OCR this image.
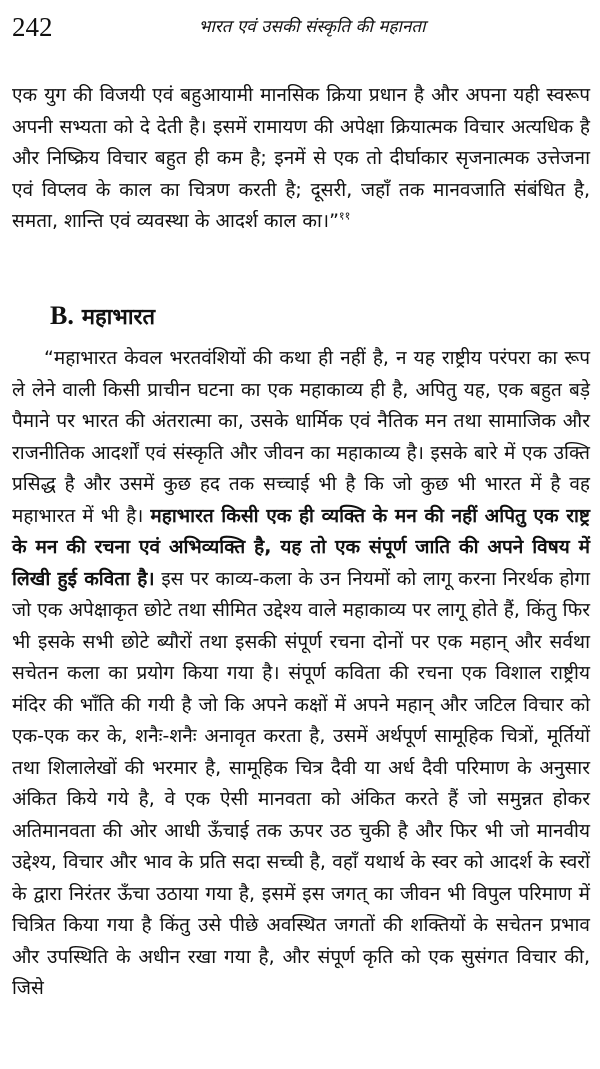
242	भारत एवं उसकी संस्कृति की महानता

एक युग की विजयी एवं बहुआयामी मानसिक क्रिया प्रधान है और अपना यही स्वरूप अपनी सभ्यता को दे देती है। इसमें रामायण की अपेक्षा क्रियात्मक विचार अत्यधिक है और निष्क्रिय विचार बहुत ही कम है; इनमें से एक तो दीर्घाकार सृजनात्मक उत्तेजना एवं विप्लव के काल का चित्रण करती है; दूसरी, जहाँ तक मानवजाति संबंधित है, समता, शान्ति एवं व्यवस्था के आदर्श काल का।”$^{११}$

B. महाभारत

“महाभारत केवल भरतवंशियों की कथा ही नहीं है, न यह राष्ट्रीय परंपरा का रूप ले लेने वाली किसी प्राचीन घटना का एक महाकाव्य ही है, अपितु यह, एक बहुत बड़े पैमाने पर भारत की अंतरात्मा का, उसके धार्मिक एवं नैतिक मन तथा सामाजिक और राजनीतिक आदर्शों एवं संस्कृति और जीवन का महाकाव्य है। इसके बारे में एक उक्ति प्रसिद्ध है और उसमें कुछ हद तक सच्चाई भी है कि जो कुछ भी भारत में है वह महाभारत में भी है। महाभारत किसी एक ही व्यक्ति के मन की नहीं अपितु एक राष्ट्र के मन की रचना एवं अभिव्यक्ति है, यह तो एक संपूर्ण जाति की अपने विषय में लिखी हुई कविता है। इस पर काव्य-कला के उन नियमों को लागू करना निरर्थक होगा जो एक अपेक्षाकृत छोटे तथा सीमित उद्देश्य वाले महाकाव्य पर लागू होते हैं, किंतु फिर भी इसके सभी छोटे ब्यौरों तथा इसकी संपूर्ण रचना दोनों पर एक महान् और सर्वथा सचेतन कला का प्रयोग किया गया है। संपूर्ण कविता की रचना एक विशाल राष्ट्रीय मंदिर की भाँति की गयी है जो कि अपने कक्षों में अपने महान् और जटिल विचार को एक-एक कर के, शनैः-शनैः अनावृत करता है, उसमें अर्थपूर्ण सामूहिक चित्रों, मूर्तियों तथा शिलालेखों की भरमार है, सामूहिक चित्र दैवी या अर्ध दैवी परिमाण के अनुसार अंकित किये गये है, वे एक ऐसी मानवता को अंकित करते हैं जो समुन्नत होकर अतिमानवता की ओर आधी ऊँचाई तक ऊपर उठ चुकी है और फिर भी जो मानवीय उद्देश्य, विचार और भाव के प्रति सदा सच्ची है, वहाँ यथार्थ के स्वर को आदर्श के स्वरों के द्वारा निरंतर ऊँचा उठाया गया है, इसमें इस जगत् का जीवन भी विपुल परिमाण में चित्रित किया गया है किंतु उसे पीछे अवस्थित जगतों की शक्तियों के सचेतन प्रभाव और उपस्थिति के अधीन रखा गया है, और संपूर्ण कृति को एक सुसंगत विचार की, जिसे
